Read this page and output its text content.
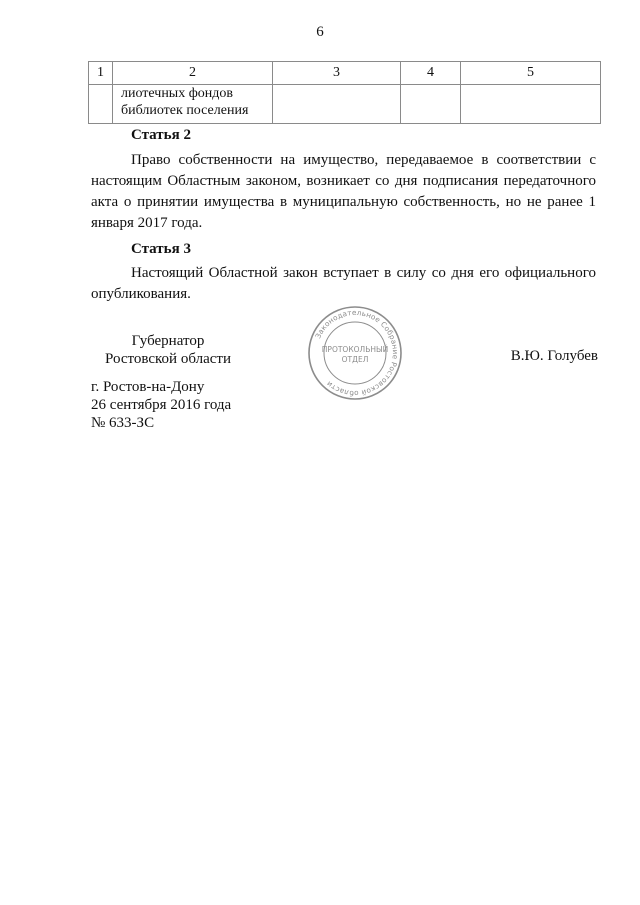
6
1	2	3	4	5

	лиотечных фондов
библиотек поселения			

Статья 2
Право собственности на имущество, передаваемое в соответствии с настоящим Областным законом, возникает со дня подписания передаточного акта о принятии имущества в муниципальную собственность, но не ранее 1 января 2017 года.
Статья 3
Настоящий Областной закон вступает в силу со дня его официального опубликования.
Губернатор
Ростовской области
Законодательное Собрание Ростовской области
ПРОТОКОЛЬНЫЙ
ОТДЕЛ	В.Ю. Голубев
г. Ростов-на-Дону
26 сентября 2016 года
№ 633-ЗС
